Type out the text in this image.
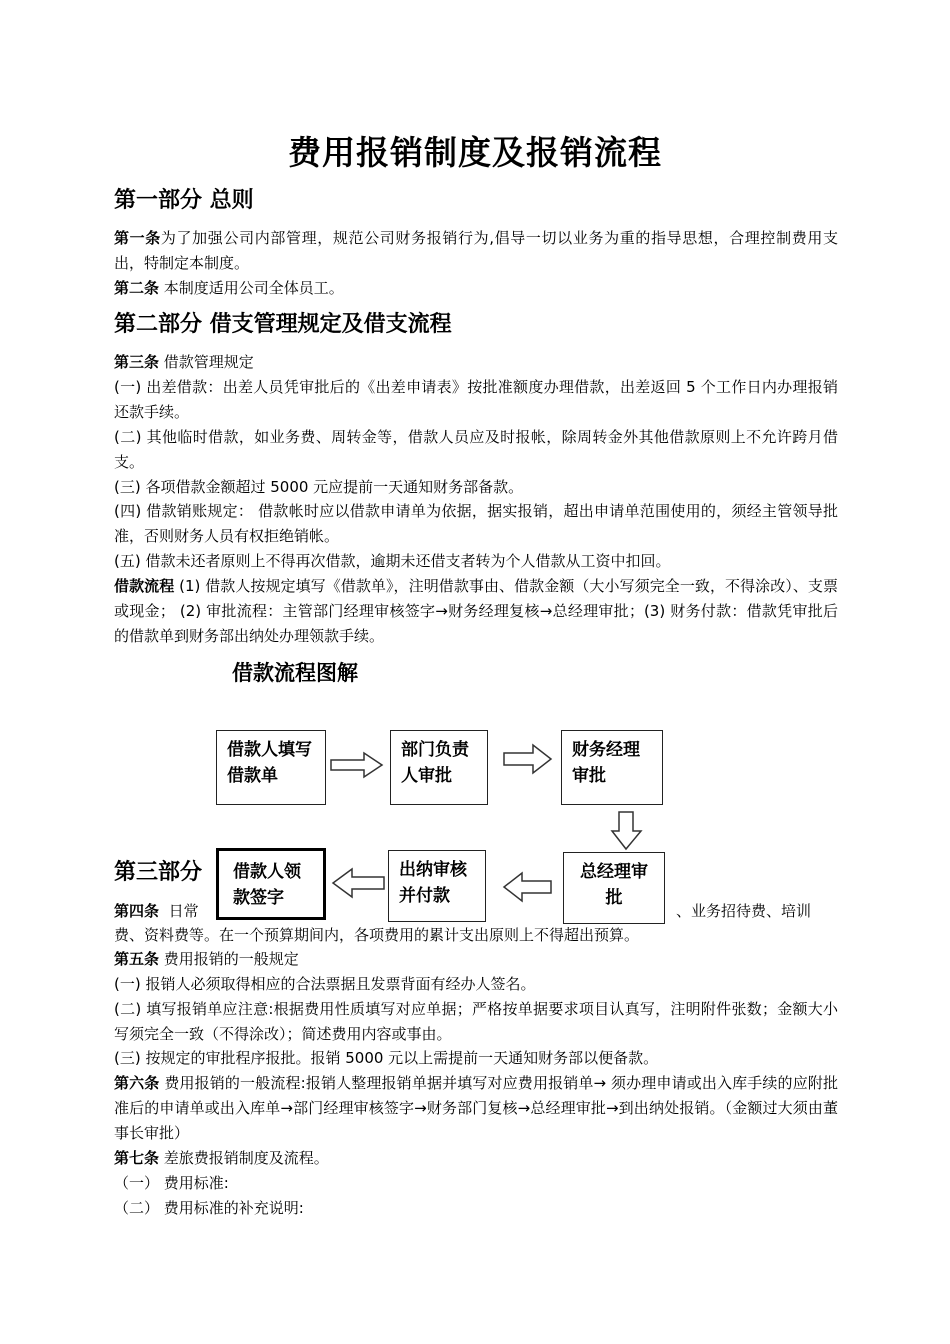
费用报销制度及报销流程
第一部分 总则
第一条为了加强公司内部管理，规范公司财务报销行为,倡导一切以业务为重的指导思想，合理控制费用支出，特制定本制度。
第二条 本制度适用公司全体员工。
第二部分 借支管理规定及借支流程
第三条 借款管理规定
(一) 出差借款：出差人员凭审批后的《出差申请表》按批准额度办理借款，出差返回 5 个工作日内办理报销还款手续。
(二) 其他临时借款，如业务费、周转金等，借款人员应及时报帐，除周转金外其他借款原则上不允许跨月借支。
(三) 各项借款金额超过 5000 元应提前一天通知财务部备款。
(四) 借款销账规定： 借款帐时应以借款申请单为依据，据实报销，超出申请单范围使用的，须经主管领导批准，否则财务人员有权拒绝销帐。
(五) 借款未还者原则上不得再次借款，逾期未还借支者转为个人借款从工资中扣回。
借款流程 (1) 借款人按规定填写《借款单》，注明借款事由、借款金额（大小写须完全一致，不得涂改）、支票或现金； (2) 审批流程：主管部门经理审核签字→财务经理复核→总经理审批；(3) 财务付款：借款凭审批后的借款单到财务部出纳处办理领款手续。
借款流程图解
第三部分
第四条 日常	、业务招待费、培训
费、资料费等。在一个预算期间内，各项费用的累计支出原则上不得超出预算。
第五条 费用报销的一般规定
(一) 报销人必须取得相应的合法票据且发票背面有经办人签名。
(二) 填写报销单应注意:根据费用性质填写对应单据；严格按单据要求项目认真写，注明附件张数；金额大小写须完全一致（不得涂改）；简述费用内容或事由。
(三) 按规定的审批程序报批。报销 5000 元以上需提前一天通知财务部以便备款。
第六条 费用报销的一般流程:报销人整理报销单据并填写对应费用报销单→ 须办理申请或出入库手续的应附批准后的申请单或出入库单→部门经理审核签字→财务部门复核→总经理审批→到出纳处报销。（金额过大须由董事长审批）
第七条 差旅费报销制度及流程。
（一） 费用标准:
（二） 费用标准的补充说明:
借款人填写 借款单
部门负责人审批
财务经理审批
总经理审批
出纳审核并付款
借款人领款签字
